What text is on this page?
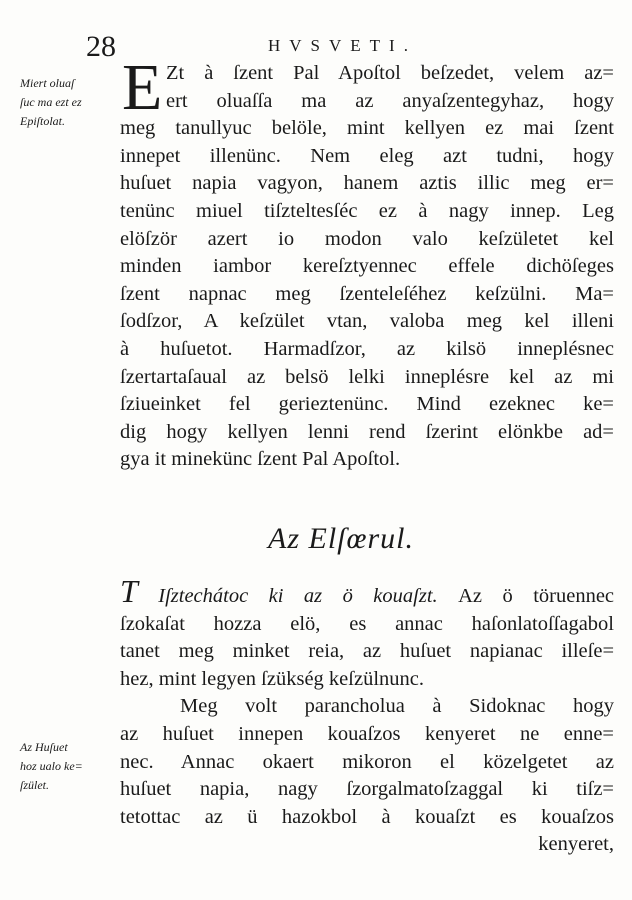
28	HVSVETI.
Miert oluaſ
ſuc ma ezt ez
Epiſtolat.
Az Huſuet
hoz ualo ke=
ſzület.
E Zt à ſzent Pal Apoſtol beſzedet, velem az=
ert oluaſſa ma az anyaſzentegyhaz, hogy
meg tanullyuc belöle, mint kellyen ez mai ſzent
innepet illenünc. Nem eleg azt tudni, hogy
huſuet napia vagyon, hanem aztis illic meg er=
tenünc miuel tiſzteltesſéc ez à nagy innep. Leg
elöſzör azert io modon valo keſzületet kel
minden iambor kereſztyennec effele dichöſeges
ſzent napnac meg ſzenteleſéhez keſzülni. Ma=
ſodſzor, A keſzület vtan, valoba meg kel illeni
à huſuetot. Harmadſzor, az kilsö inneplésnec
ſzertartaſaual az belsö lelki inneplésre kel az mi
ſziueinket fel gerieztenünc. Mind ezeknec ke=
dig hogy kellyen lenni rend ſzerint elönkbe ad=
gya it minekünc ſzent Pal Apoſtol.
Az Elſœrul.
T Iſztechátoc ki az ö kouaſzt. Az ö töruennec
ſzokaſat hozza elö, es annac haſonlatoſſagabol
tanet meg minket reia, az huſuet napianac illeſe=
hez, mint legyen ſzükség keſzülnunc.
Meg volt parancholua à Sidoknac hogy
az huſuet innepen kouaſzos kenyeret ne enne=
nec. Annac okaert mikoron el közelgetet az
huſuet napia, nagy ſzorgalmatoſzaggal ki tiſz=
tetottac az ü hazokbol à kouaſzt es kouaſzos
kenyeret,
